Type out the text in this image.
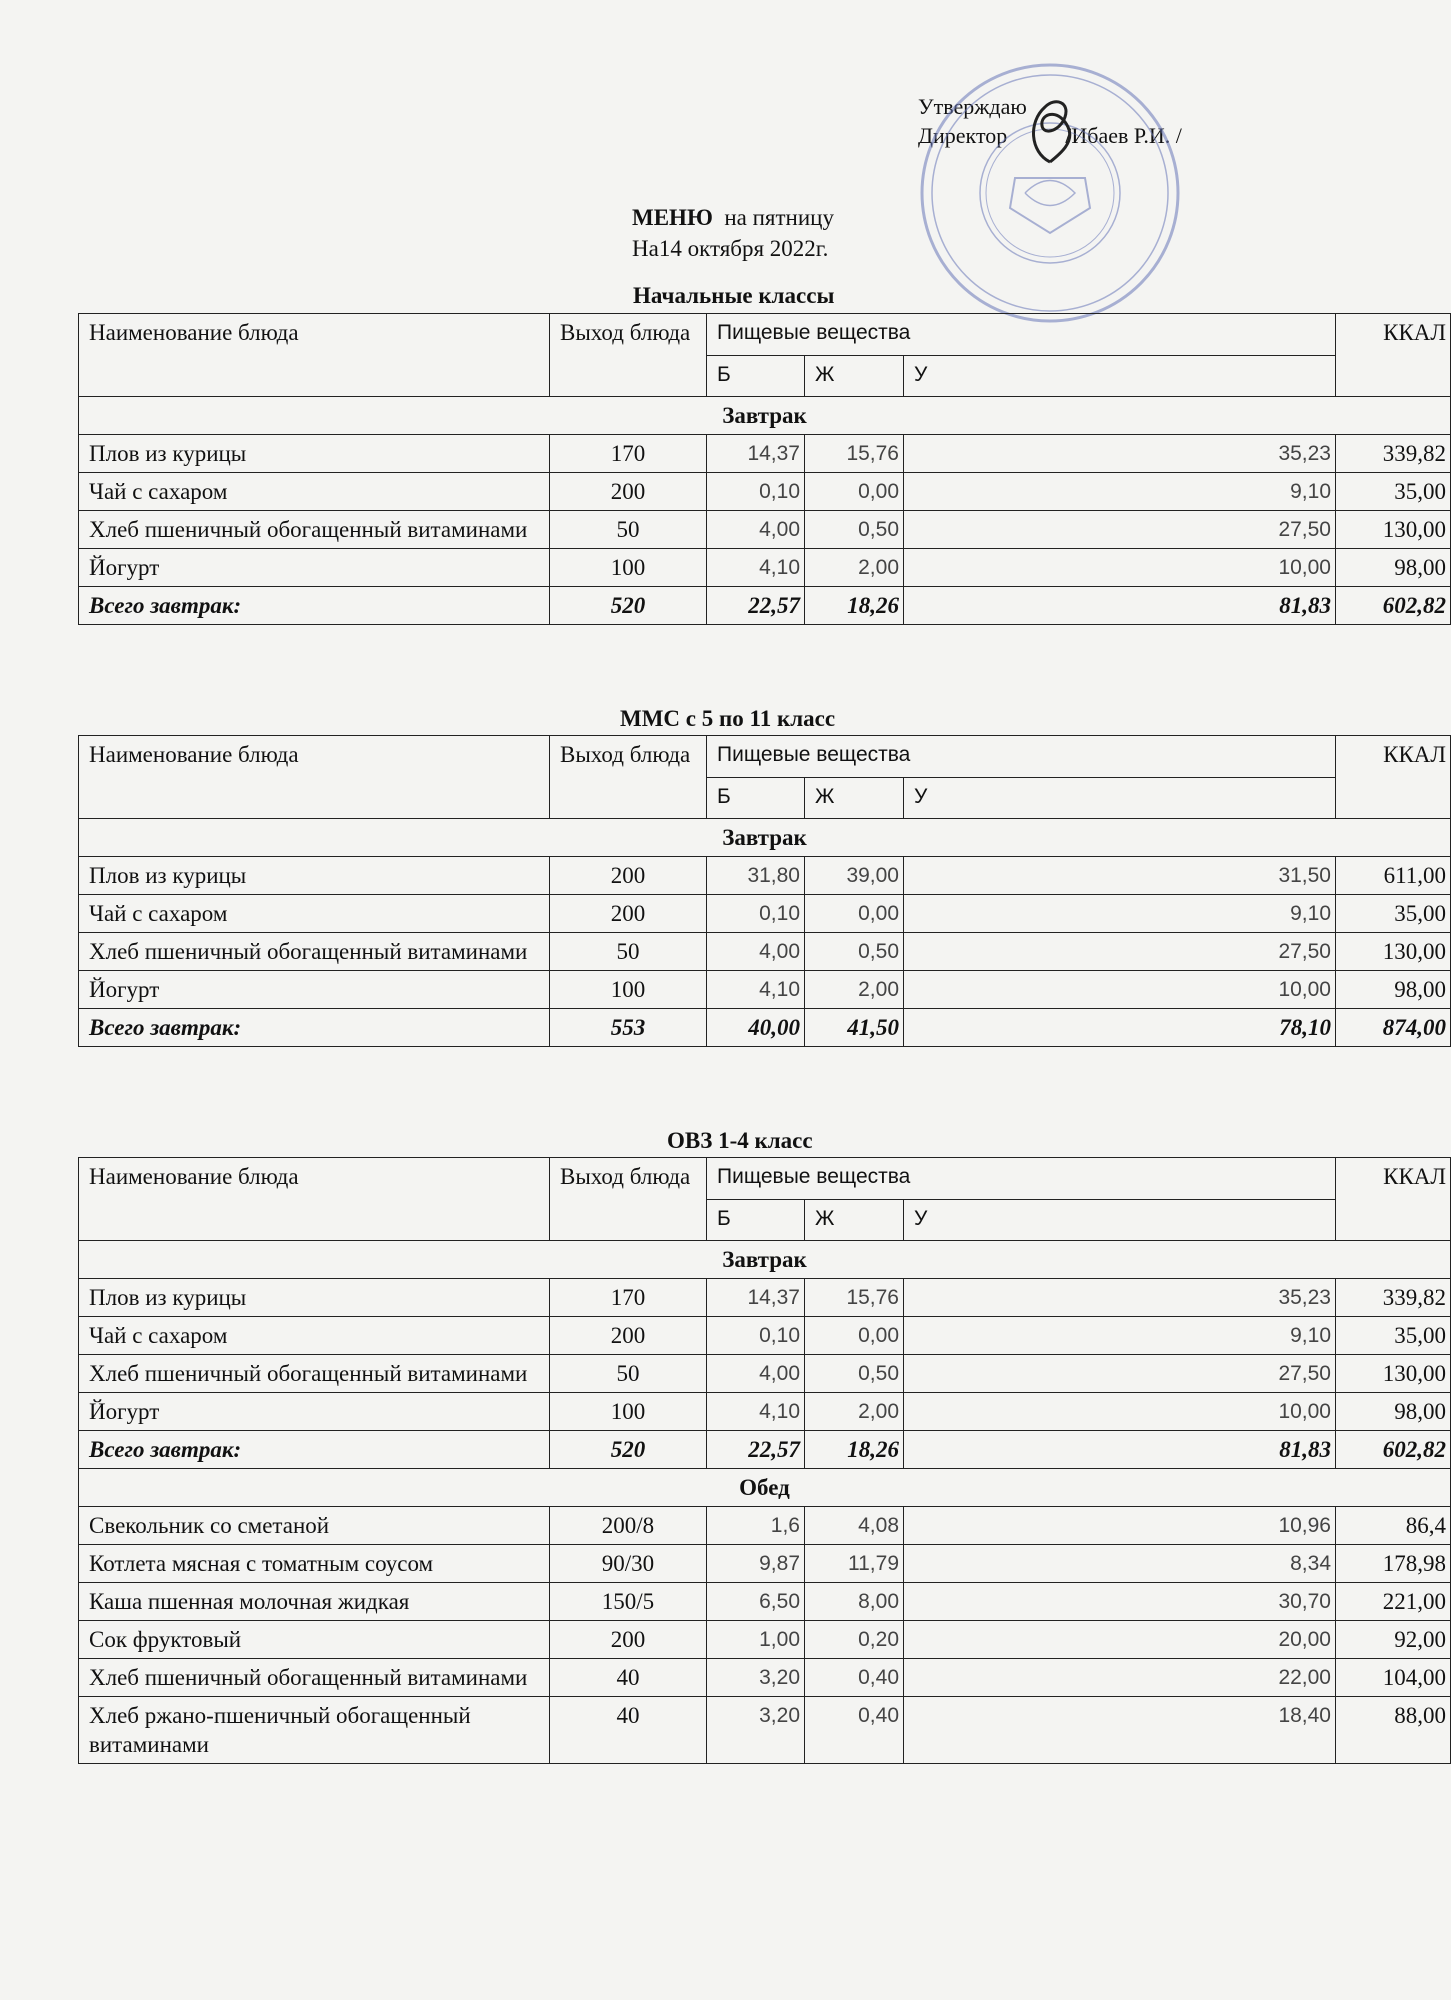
Утверждаю
Директор	/Ибаев Р.И. /
МЕНЮ на пятницу
На14 октября 2022г.
Начальные классы
Наименование блюда	Выход блюда	Пищевые вещества			ККАЛ
		Б	Ж	У	
Завтрак					
Плов из курицы	170	14,37	15,76	35,23	339,82
Чай с сахаром	200	0,10	0,00	9,10	35,00
Хлеб пшеничный обогащенный витаминами	50	4,00	0,50	27,50	130,00
Йогурт	100	4,10	2,00	10,00	98,00
Всего завтрак:	520	22,57	18,26	81,83	602,82
ММС с 5 по 11 класс
Наименование блюда	Выход блюда	Пищевые вещества			ККАЛ
		Б	Ж	У	
Завтрак					
Плов из курицы	200	31,80	39,00	31,50	611,00
Чай с сахаром	200	0,10	0,00	9,10	35,00
Хлеб пшеничный обогащенный витаминами	50	4,00	0,50	27,50	130,00
Йогурт	100	4,10	2,00	10,00	98,00
Всего завтрак:	553	40,00	41,50	78,10	874,00
ОВЗ 1-4 класс
Наименование блюда	Выход блюда	Пищевые вещества			ККАЛ
		Б	Ж	У	
Завтрак					
Плов из курицы	170	14,37	15,76	35,23	339,82
Чай с сахаром	200	0,10	0,00	9,10	35,00
Хлеб пшеничный обогащенный витаминами	50	4,00	0,50	27,50	130,00
Йогурт	100	4,10	2,00	10,00	98,00
Всего завтрак:	520	22,57	18,26	81,83	602,82
Обед					
Свекольник со сметаной	200/8	1,6	4,08	10,96	86,4
Котлета мясная с томатным соусом	90/30	9,87	11,79	8,34	178,98
Каша пшенная молочная жидкая	150/5	6,50	8,00	30,70	221,00
Сок фруктовый	200	1,00	0,20	20,00	92,00
Хлеб пшеничный обогащенный витаминами	40	3,20	0,40	22,00	104,00
Хлеб ржано-пшеничный обогащенный витаминами	40	3,20	0,40	18,40	88,00
